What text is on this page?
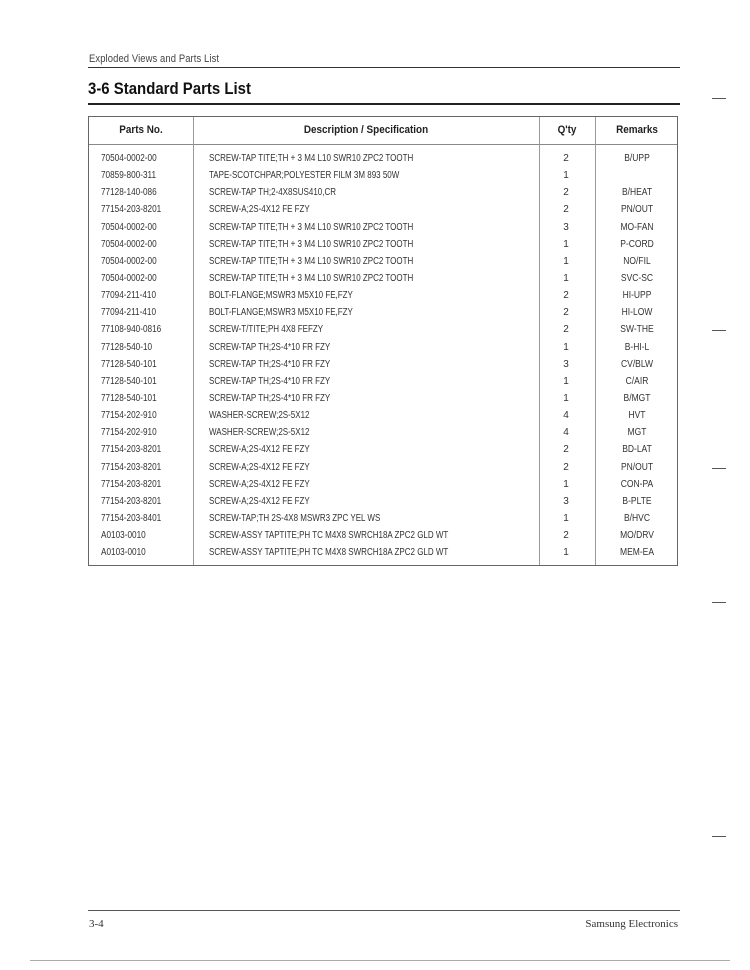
Exploded Views and Parts List
3-6 Standard Parts List
Parts No.	Description / Specification	Q'ty	Remarks
70504-0002-00	SCREW-TAP TITE;TH + 3 M4 L10 SWR10 ZPC2 TOOTH	2	B/UPP
70859-800-311	TAPE-SCOTCHPAR;POLYESTER FILM 3M 893 50W	1
77128-140-086	SCREW-TAP TH;2-4X8SUS410,CR	2	B/HEAT
77154-203-8201	SCREW-A;2S-4X12 FE FZY	2	PN/OUT
70504-0002-00	SCREW-TAP TITE;TH + 3 M4 L10 SWR10 ZPC2 TOOTH	3	MO-FAN
70504-0002-00	SCREW-TAP TITE;TH + 3 M4 L10 SWR10 ZPC2 TOOTH	1	P-CORD
70504-0002-00	SCREW-TAP TITE;TH + 3 M4 L10 SWR10 ZPC2 TOOTH	1	NO/FIL
70504-0002-00	SCREW-TAP TITE;TH + 3 M4 L10 SWR10 ZPC2 TOOTH	1	SVC-SC
77094-211-410	BOLT-FLANGE;MSWR3 M5X10 FE,FZY	2	HI-UPP
77094-211-410	BOLT-FLANGE;MSWR3 M5X10 FE,FZY	2	HI-LOW
77108-940-0816	SCREW-T/TITE;PH 4X8 FEFZY	2	SW-THE
77128-540-10	SCREW-TAP TH;2S-4*10 FR FZY	1	B-HI-L
77128-540-101	SCREW-TAP TH;2S-4*10 FR FZY	3	CV/BLW
77128-540-101	SCREW-TAP TH;2S-4*10 FR FZY	1	C/AIR
77128-540-101	SCREW-TAP TH;2S-4*10 FR FZY	1	B/MGT
77154-202-910	WASHER-SCREW;2S-5X12	4	HVT
77154-202-910	WASHER-SCREW;2S-5X12	4	MGT
77154-203-8201	SCREW-A;2S-4X12 FE FZY	2	BD-LAT
77154-203-8201	SCREW-A;2S-4X12 FE FZY	2	PN/OUT
77154-203-8201	SCREW-A;2S-4X12 FE FZY	1	CON-PA
77154-203-8201	SCREW-A;2S-4X12 FE FZY	3	B-PLTE
77154-203-8401	SCREW-TAP;TH 2S-4X8 MSWR3 ZPC YEL WS	1	B/HVC
A0103-0010	SCREW-ASSY TAPTITE;PH TC M4X8 SWRCH18A ZPC2 GLD WT	2	MO/DRV
A0103-0010	SCREW-ASSY TAPTITE;PH TC M4X8 SWRCH18A ZPC2 GLD WT	1	MEM-EA
3-4	Samsung Electronics
